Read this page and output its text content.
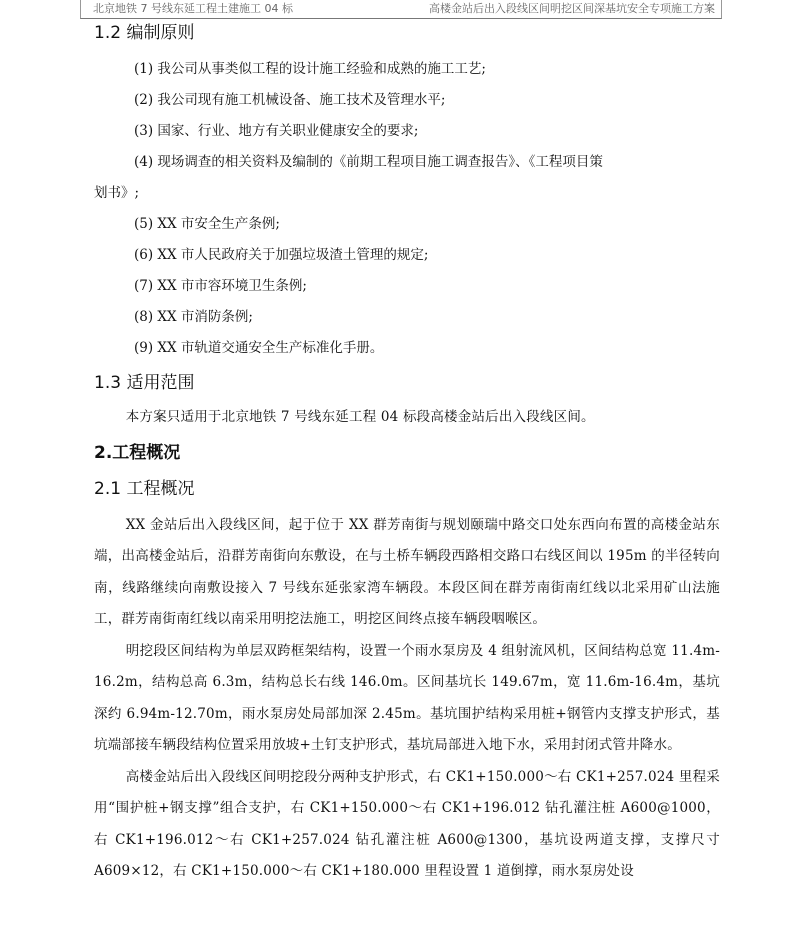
北京地铁 7 号线东延工程土建施工 04 标	高楼金站后出入段线区间明挖区间深基坑安全专项施工方案
1.2 编制原则
(1) 我公司从事类似工程的设计施工经验和成熟的施工工艺;
(2) 我公司现有施工机械设备、施工技术及管理水平;
(3) 国家、行业、地方有关职业健康安全的要求;
(4) 现场调查的相关资料及编制的《前期工程项目施工调查报告》、《工程项目策
划书》;
(5) XX 市安全生产条例;
(6) XX 市人民政府关于加强垃圾渣土管理的规定;
(7) XX 市市容环境卫生条例;
(8) XX 市消防条例;
(9) XX 市轨道交通安全生产标准化手册。
1.3 适用范围

本方案只适用于北京地铁 7 号线东延工程 04 标段高楼金站后出入段线区间。

2.工程概况
2.1 工程概况

XX 金站后出入段线区间，起于位于 XX 群芳南街与规划颐瑞中路交口处东西向布置的高楼金站东端，出高楼金站后，沿群芳南街向东敷设，在与土桥车辆段西路相交路口右线区间以 195m 的半径转向南，线路继续向南敷设接入 7 号线东延张家湾车辆段。本段区间在群芳南街南红线以北采用矿山法施工，群芳南街南红线以南采用明挖法施工，明挖区间终点接车辆段咽喉区。

明挖段区间结构为单层双跨框架结构，设置一个雨水泵房及 4 组射流风机，区间结构总宽 11.4m-16.2m，结构总高 6.3m，结构总长右线 146.0m。区间基坑长 149.67m，宽 11.6m-16.4m，基坑深约 6.94m-12.70m，雨水泵房处局部加深 2.45m。基坑围护结构采用桩+钢管内支撑支护形式，基坑端部接车辆段结构位置采用放坡+土钉支护形式，基坑局部进入地下水，采用封闭式管井降水。

高楼金站后出入段线区间明挖段分两种支护形式，右 CK1+150.000～右 CK1+257.024 里程采用“围护桩+钢支撑”组合支护，右 CK1+150.000～右 CK1+196.012 钻孔灌注桩 A600@1000，右 CK1+196.012～右 CK1+257.024 钻孔灌注桩 A600@1300，基坑设两道支撑，支撑尺寸 A609×12，右 CK1+150.000～右 CK1+180.000 里程设置 1 道倒撑，雨水泵房处设
